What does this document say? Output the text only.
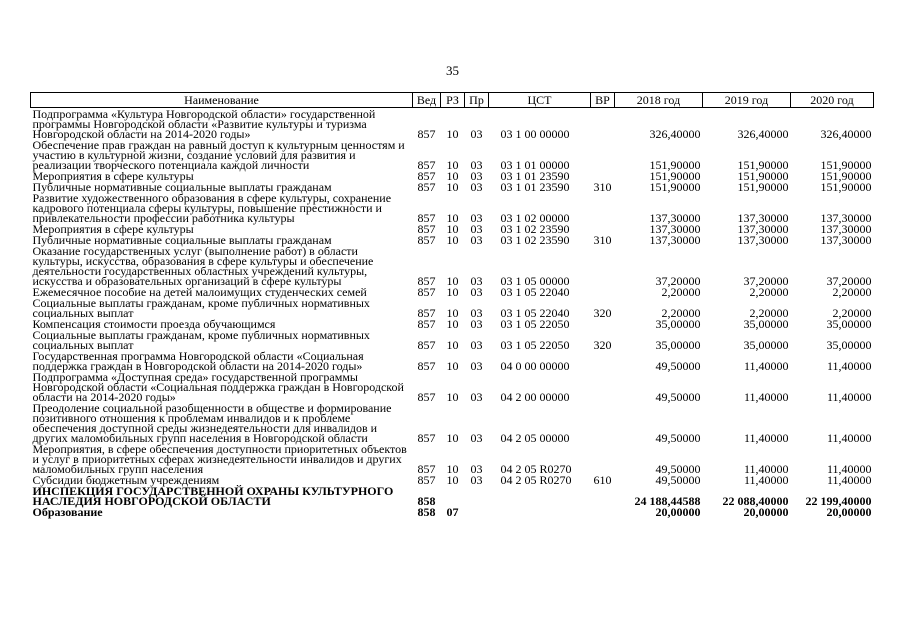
35
Наименование	Вед	РЗ	Пр	ЦСТ	ВР	2018 год	2019 год	2020 год
Подпрограмма «Культура Новгородской области» государственной программы Новгородской области «Развитие культуры и туризма Новгородской области на 2014-2020 годы»	857	10	03	03 1 00 00000		326,40000	326,40000	326,40000
Обеспечение прав граждан на равный доступ к культурным ценностям и участию в культурной жизни, создание условий для развития и реализации творческого потенциала каждой личности	857	10	03	03 1 01 00000		151,90000	151,90000	151,90000
Мероприятия в сфере культуры	857	10	03	03 1 01 23590		151,90000	151,90000	151,90000
Публичные нормативные социальные выплаты гражданам	857	10	03	03 1 01 23590	310	151,90000	151,90000	151,90000
Развитие художественного образования в сфере культуры, сохранение кадрового потенциала сферы культуры, повышение престижности и привлекательности профессии работника культуры	857	10	03	03 1 02 00000		137,30000	137,30000	137,30000
Мероприятия в сфере культуры	857	10	03	03 1 02 23590		137,30000	137,30000	137,30000
Публичные нормативные социальные выплаты гражданам	857	10	03	03 1 02 23590	310	137,30000	137,30000	137,30000
Оказание государственных услуг (выполнение работ) в области культуры, искусства, образования в сфере культуры и обеспечение деятельности государственных областных учреждений культуры, искусства и образовательных организаций в сфере культуры	857	10	03	03 1 05 00000		37,20000	37,20000	37,20000
Ежемесячное пособие на детей малоимущих студенческих семей	857	10	03	03 1 05 22040		2,20000	2,20000	2,20000
Социальные выплаты гражданам, кроме публичных нормативных социальных выплат	857	10	03	03 1 05 22040	320	2,20000	2,20000	2,20000
Компенсация стоимости проезда обучающимся	857	10	03	03 1 05 22050		35,00000	35,00000	35,00000
Социальные выплаты гражданам, кроме публичных нормативных социальных выплат	857	10	03	03 1 05 22050	320	35,00000	35,00000	35,00000
Государственная программа Новгородской области «Социальная поддержка граждан в Новгородской области на 2014-2020 годы»	857	10	03	04 0 00 00000		49,50000	11,40000	11,40000
Подпрограмма «Доступная среда» государственной программы Новгородской области «Социальная поддержка граждан в Новгородской области на 2014-2020 годы»	857	10	03	04 2 00 00000		49,50000	11,40000	11,40000
Преодоление социальной разобщенности в обществе и формирование позитивного отношения к проблемам инвалидов и к проблеме обеспечения доступной среды жизнедеятельности для инвалидов и других маломобильных групп населения в Новгородской области	857	10	03	04 2 05 00000		49,50000	11,40000	11,40000
Мероприятия, в сфере обеспечения доступности приоритетных объектов и услуг в приоритетных сферах жизнедеятельности инвалидов и других маломобильных групп населения	857	10	03	04 2 05 R0270		49,50000	11,40000	11,40000
Субсидии бюджетным учреждениям	857	10	03	04 2 05 R0270	610	49,50000	11,40000	11,40000
ИНСПЕКЦИЯ ГОСУДАРСТВЕННОЙ ОХРАНЫ КУЛЬТУРНОГО НАСЛЕДИЯ НОВГОРОДСКОЙ ОБЛАСТИ	858					24 188,44588	22 088,40000	22 199,40000
Образование	858	07				20,00000	20,00000	20,00000
